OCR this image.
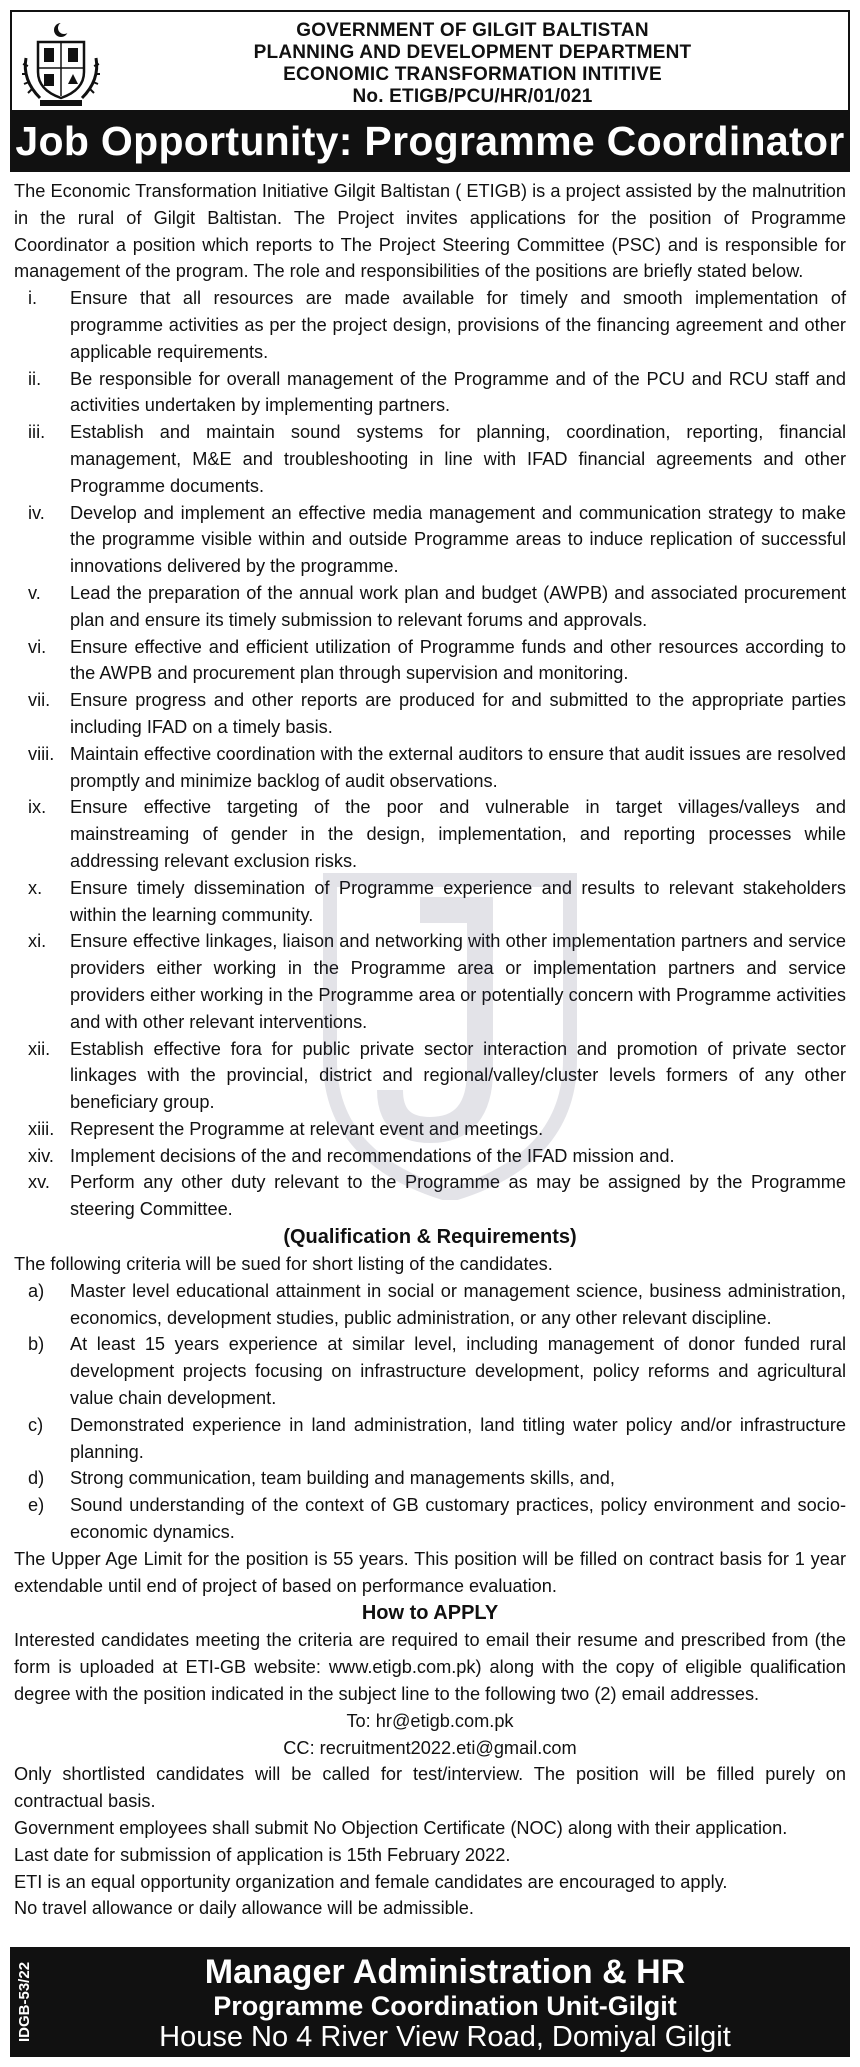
GOVERNMENT OF GILGIT BALTISTAN
PLANNING AND DEVELOPMENT DEPARTMENT
ECONOMIC TRANSFORMATION INTITIVE
No. ETIGB/PCU/HR/01/021
Job Opportunity: Programme Coordinator

The Economic Transformation Initiative Gilgit Baltistan ( ETIGB) is a project assisted by the malnutrition in the rural of Gilgit Baltistan. The Project invites applications for the position of Programme Coordinator a position which reports to The Project Steering Committee (PSC) and is responsible for management of the program. The role and responsibilities of the positions are briefly stated below.

i.	Ensure that all resources are made available for timely and smooth implementation of programme activities as per the project design, provisions of the financing agreement and other applicable requirements.
ii.	Be responsible for overall management of the Programme and of the PCU and RCU staff and activities undertaken by implementing partners.
iii.	Establish and maintain sound systems for planning, coordination, reporting, financial management, M&E and troubleshooting in line with IFAD financial agreements and other Programme documents.
iv.	Develop and implement an effective media management and communication strategy to make the programme visible within and outside Programme areas to induce replication of successful innovations delivered by the programme.
v.	Lead the preparation of the annual work plan and budget (AWPB) and associated procurement plan and ensure its timely submission to relevant forums and approvals.
vi.	Ensure effective and efficient utilization of Programme funds and other resources according to the AWPB and procurement plan through supervision and monitoring.
vii.	Ensure progress and other reports are produced for and submitted to the appropriate parties including IFAD on a timely basis.
viii. Maintain effective coordination with the external auditors to ensure that audit issues are resolved promptly and minimize backlog of audit observations.
ix.	Ensure effective targeting of the poor and vulnerable in target villages/valleys and mainstreaming of gender in the design, implementation, and reporting processes while addressing relevant exclusion risks.
x.	Ensure timely dissemination of Programme experience and results to relevant stakeholders within the learning community.
xi.	Ensure effective linkages, liaison and networking with other implementation partners and service providers either working in the Programme area or implementation partners and service providers either working in the Programme area or potentially concern with Programme activities and with other relevant interventions.
xii.	Establish effective fora for public private sector interaction and promotion of private sector linkages with the provincial, district and regional/valley/cluster levels formers of any other beneficiary group.
xiii. Represent the Programme at relevant event and meetings.
xiv. Implement decisions of the and recommendations of the IFAD mission and.
xv.	Perform any other duty relevant to the Programme as may be assigned by the Programme steering Committee.
(Qualification & Requirements)

The following criteria will be sued for short listing of the candidates.

a)	Master level educational attainment in social or management science, business administration, economics, development studies, public administration, or any other relevant discipline.
b)	At least 15 years experience at similar level, including management of donor funded rural development projects focusing on infrastructure development, policy reforms and agricultural value chain development.
c)	Demonstrated experience in land administration, land titling water policy and/or infrastructure planning.
d)	Strong communication, team building and managements skills, and,
e)	Sound understanding of the context of GB customary practices, policy environment and socio-economic dynamics.

The Upper Age Limit for the position is 55 years. This position will be filled on contract basis for 1 year extendable until end of project of based on performance evaluation.

How to APPLY

Interested candidates meeting the criteria are required to email their resume and prescribed from (the form is uploaded at ETI-GB website: www.etigb.com.pk) along with the copy of eligible qualification degree with the position indicated in the subject line to the following two (2) email addresses.

To: hr@etigb.com.pk

CC: recruitment2022.eti@gmail.com

Only shortlisted candidates will be called for test/interview. The position will be filled purely on contractual basis.

Government employees shall submit No Objection Certificate (NOC) along with their application.

Last date for submission of application is 15th February 2022.

ETI is an equal opportunity organization and female candidates are encouraged to apply.

No travel allowance or daily allowance will be admissible.

IDGB-53/22	Manager Administration & HR
Programme Coordination Unit-Gilgit
House No 4 River View Road, Domiyal Gilgit
